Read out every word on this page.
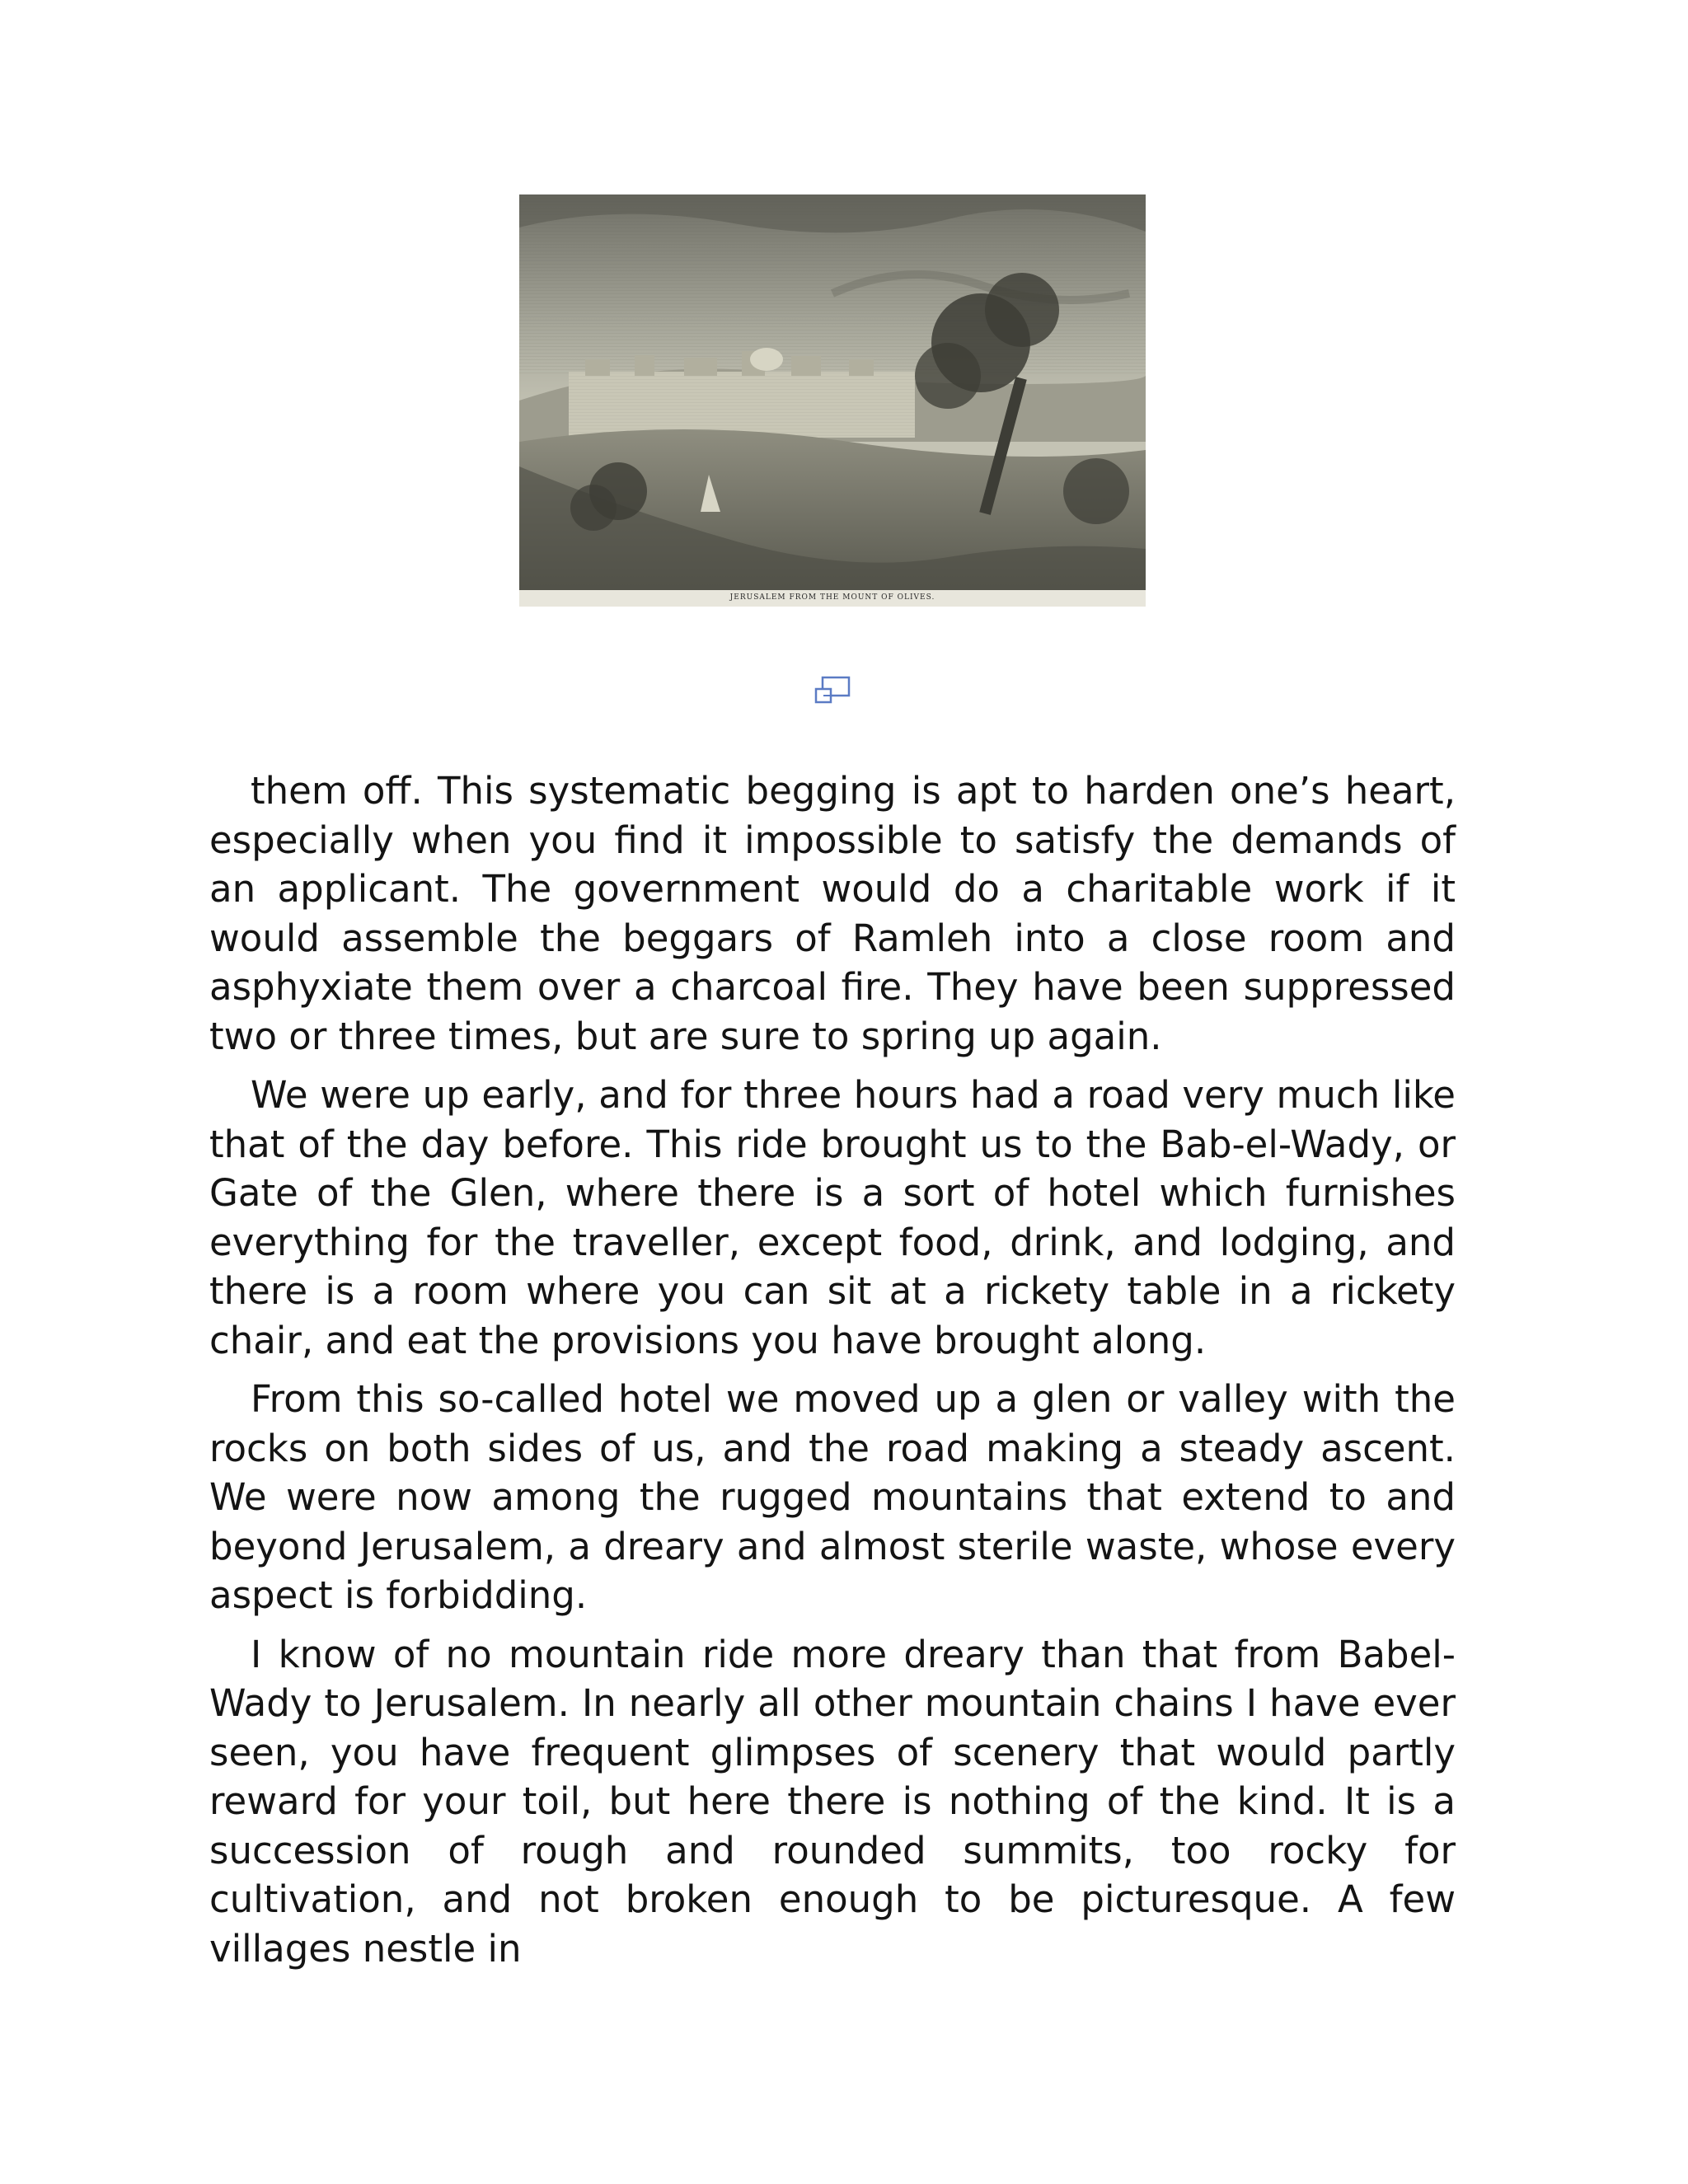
JERUSALEM FROM THE MOUNT OF OLIVES.

them off. This systematic begging is apt to harden one’s heart, especially when you find it impossible to satisfy the demands of an applicant. The government would do a charitable work if it would assemble the beggars of Ramleh into a close room and asphyxiate them over a charcoal fire. They have been suppressed two or three times, but are sure to spring up again.

We were up early, and for three hours had a road very much like that of the day before. This ride brought us to the Bab-el-Wady, or Gate of the Glen, where there is a sort of hotel which furnishes everything for the traveller, except food, drink, and lodging, and there is a room where you can sit at a rickety table in a rickety chair, and eat the provisions you have brought along.

From this so-called hotel we moved up a glen or valley with the rocks on both sides of us, and the road making a steady ascent. We were now among the rugged mountains that extend to and beyond Jerusalem, a dreary and almost sterile waste, whose every aspect is forbidding.

I know of no mountain ride more dreary than that from Babel-Wady to Jerusalem. In nearly all other mountain chains I have ever seen, you have frequent glimpses of scenery that would partly reward for your toil, but here there is nothing of the kind. It is a succession of rough and rounded summits, too rocky for cultivation, and not broken enough to be picturesque. A few villages nestle in
